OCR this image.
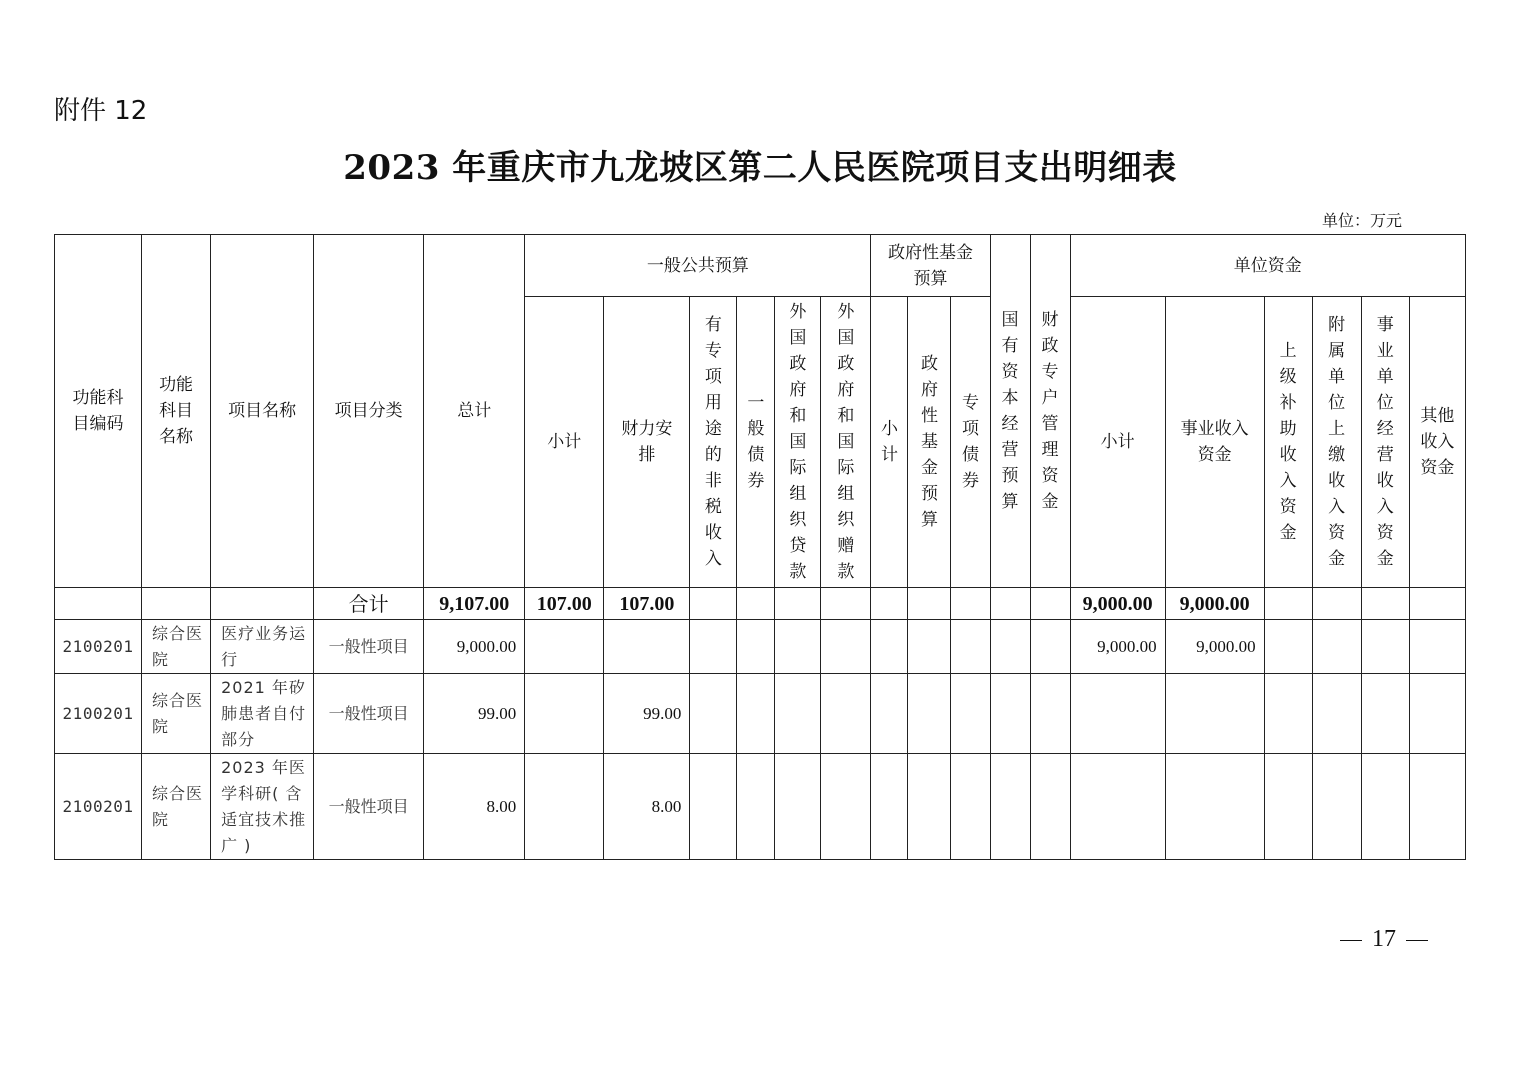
附件 12
2023 年重庆市九龙坡区第二人民医院项目支出明细表
单位：万元
功能科目编码	功能科目名称	项目名称	项目分类	总计	一般公共预算						政府性基金预算			国有资本经营预算	财政专户管理资金	单位资金					

					小计	财力安排	有专项用途的非税收入	一般债券	外国政府和国际组织贷款	外国政府和国际组织赠款	小计	政府性基金预算	专项债券			小计	事业收入资金	上级补助收入资金	附属单位上缴收入资金	事业单位经营收入资金	其他收入资金

			合计	9,107.00	107.00	107.00										9,000.00	9,000.00				
2100201	综合医院	医疗业务运行	一般性项目	9,000.00												9,000.00	9,000.00				
2100201	综合医院	2021 年矽肺患者自付部分	一般性项目	99.00		99.00															
2100201	综合医院	2023 年医学科研( 含适宜技术推广 )	一般性项目	8.00		8.00															
17
